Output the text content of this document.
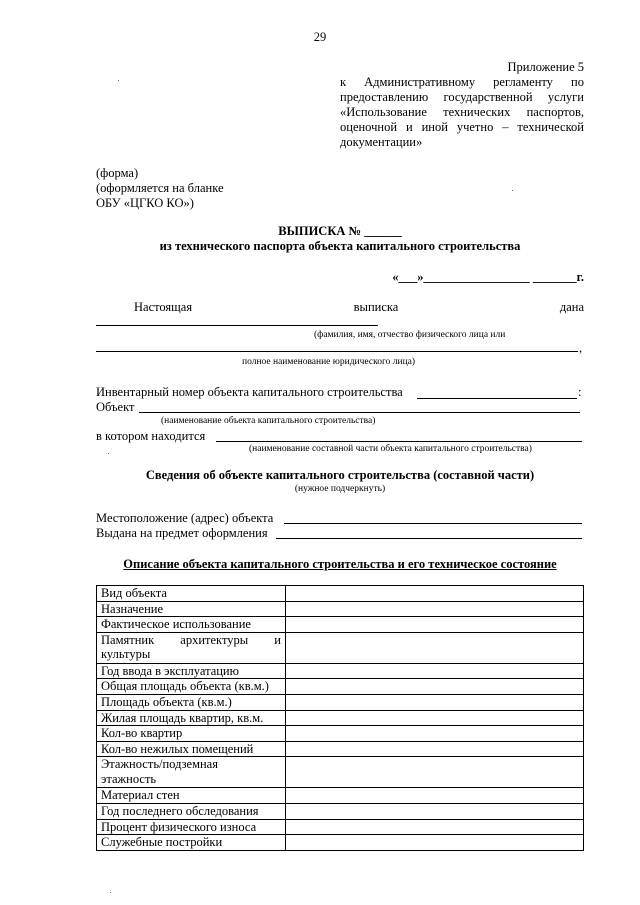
29
Приложение 5
к Административному регламенту по
предоставлению государственной услуги
«Использование технических паспортов,
оценочной и иной учетно – технической
документации»
(форма)
(оформляется на бланке
ОБУ «ЦГКО КО»)
ВЫПИСКА № ______
из технического паспорта объекта капитального строительства
«___»_________________ _______г.
Настоящая	выписка	дана
(фамилия, имя, отчество физического лица или
,
полное наименование юридического лица)
Инвентарный номер объекта капитального строительства	:
Объект
(наименование объекта капитального строительства)
в котором находится
(наименование составной части объекта капитального строительства)
Сведения об объекте капитального строительства (составной части)
(нужное подчеркнуть)
Местоположение (адрес) объекта
Выдана на предмет оформления
Описание объекта капитального строительства и его техническое состояние
Вид объекта	
Назначение	
Фактическое использование	

Памятник архитектуры и
культуры	

Год ввода в эксплуатацию	
Общая площадь объекта (кв.м.)	
Площадь объекта (кв.м.)	
Жилая площадь квартир, кв.м.	
Кол-во квартир	
Кол-во нежилых помещений	

Этажность/подземная
этажность	

Материал стен	
Год последнего обследования	
Процент физического износа	
Служебные постройки	
